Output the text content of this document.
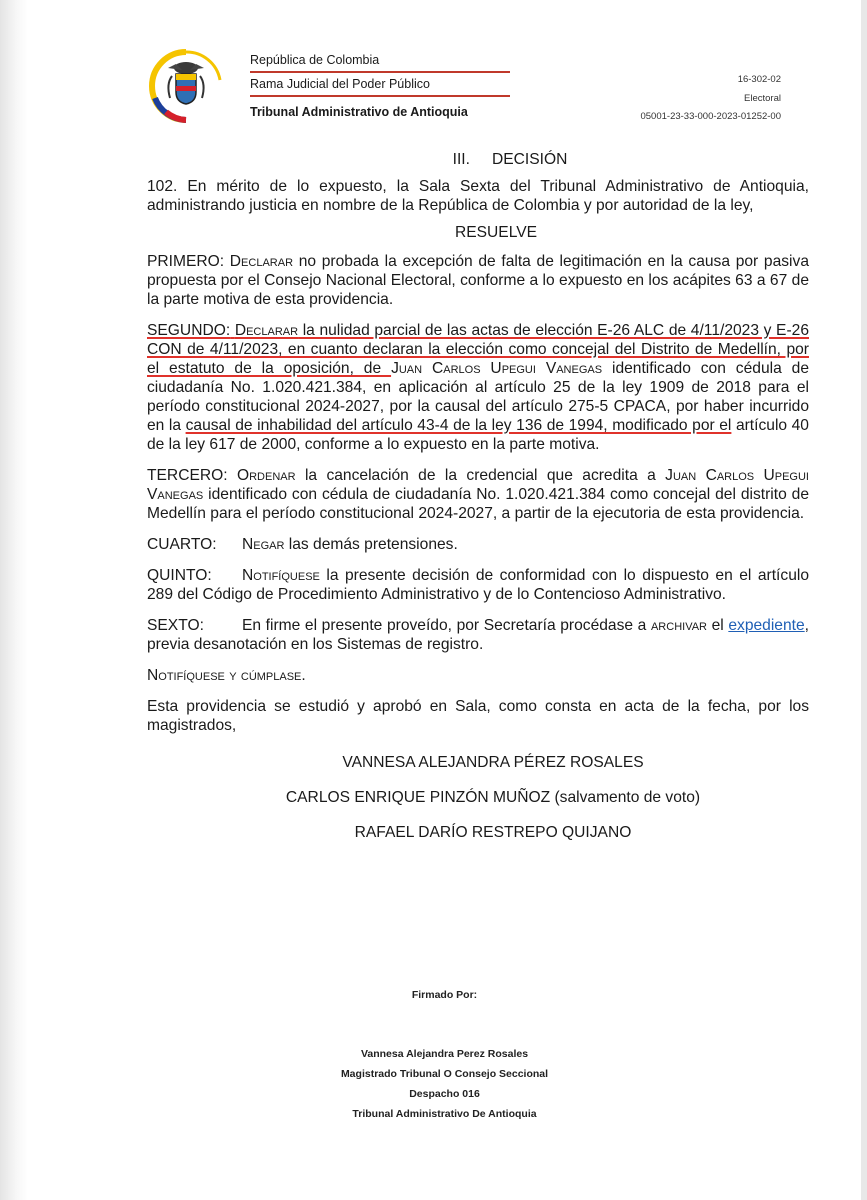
República de Colombia
Rama Judicial del Poder Público
Tribunal Administrativo de Antioquia
16-302-02
Electoral
05001-23-33-000-2023-01252-00
III. DECISIÓN

102. En mérito de lo expuesto, la Sala Sexta del Tribunal Administrativo de Antioquia, administrando justicia en nombre de la República de Colombia y por autoridad de la ley,

RESUELVE

PRIMERO: Declarar no probada la excepción de falta de legitimación en la causa por pasiva propuesta por el Consejo Nacional Electoral, conforme a lo expuesto en los acápites 63 a 67 de la parte motiva de esta providencia.

SEGUNDO: Declarar la nulidad parcial de las actas de elección E-26 ALC de 4/11/2023 y E-26 CON de 4/11/2023, en cuanto declaran la elección como concejal del Distrito de Medellín, por el estatuto de la oposición, de Juan Carlos Upegui Vanegas identificado con cédula de ciudadanía No. 1.020.421.384, en aplicación al artículo 25 de la ley 1909 de 2018 para el período constitucional 2024-2027, por la causal del artículo 275-5 CPACA, por haber incurrido en la causal de inhabilidad del artículo 43-4 de la ley 136 de 1994, modificado por el artículo 40 de la ley 617 de 2000, conforme a lo expuesto en la parte motiva.

TERCERO: Ordenar la cancelación de la credencial que acredita a Juan Carlos Upegui Vanegas identificado con cédula de ciudadanía No. 1.020.421.384 como concejal del distrito de Medellín para el período constitucional 2024-2027, a partir de la ejecutoria de esta providencia.

CUARTO: Negar las demás pretensiones.

QUINTO: Notifíquese la presente decisión de conformidad con lo dispuesto en el artículo 289 del Código de Procedimiento Administrativo y de lo Contencioso Administrativo.

SEXTO: En firme el presente proveído, por Secretaría procédase a archivar el expediente, previa desanotación en los Sistemas de registro.

Notifíquese y cúmplase.

Esta providencia se estudió y aprobó en Sala, como consta en acta de la fecha, por los magistrados,

VANNESA ALEJANDRA PÉREZ ROSALES

CARLOS ENRIQUE PINZÓN MUÑOZ (salvamento de voto)

RAFAEL DARÍO RESTREPO QUIJANO

Firmado Por:
Vannesa Alejandra Perez Rosales
Magistrado Tribunal O Consejo Seccional
Despacho 016
Tribunal Administrativo De Antioquia
